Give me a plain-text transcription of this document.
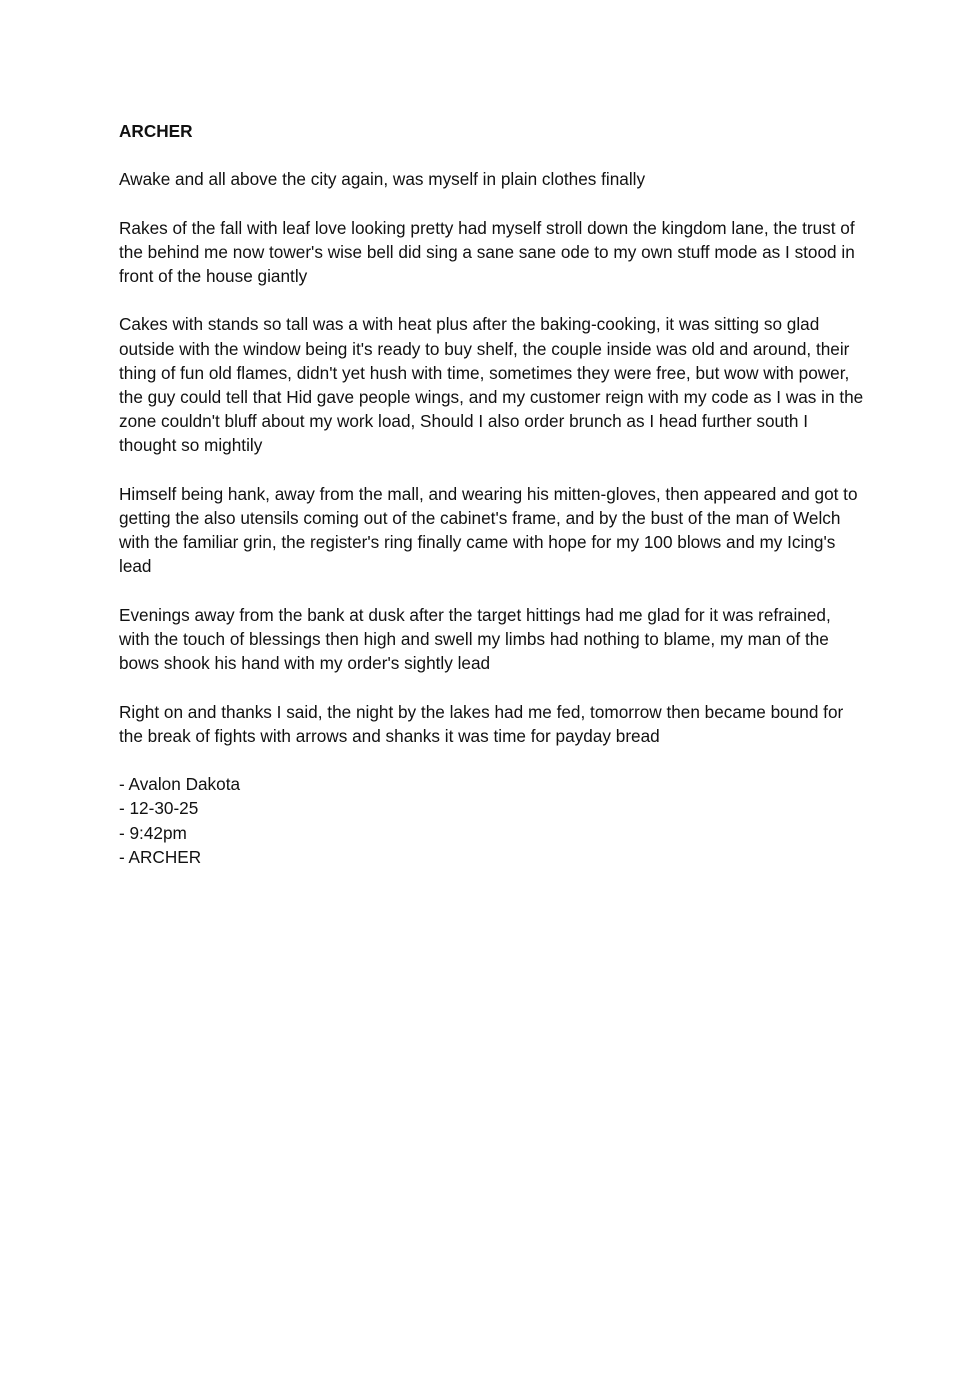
ARCHER

Awake and all above the city again, was myself in plain clothes finally

Rakes of the fall with leaf love looking pretty had myself stroll down the kingdom lane, the trust of the behind me now tower's wise bell did sing a sane sane ode to my own stuff mode as I stood in front of the house giantly

Cakes with stands so tall was a with heat plus after the baking-cooking, it was sitting so glad outside with the window being it's ready to buy shelf, the couple inside was old and around, their thing of fun old flames, didn't yet hush with time, sometimes they were free, but wow with power, the guy could tell that Hid gave people wings, and my customer reign with my code as I was in the zone couldn't bluff about my work load, Should I also order brunch as I head further south I thought so mightily

Himself being hank, away from the mall, and wearing his mitten-gloves, then appeared and got to getting the also utensils coming out of the cabinet's frame, and by the bust of the man of Welch with the familiar grin, the register's ring finally came with hope for my 100 blows and my Icing's lead

Evenings away from the bank at dusk after the target hittings had me glad for it was refrained, with the touch of blessings then high and swell my limbs had nothing to blame, my man of the bows shook his hand with my order's sightly lead

Right on and thanks I said, the night by the lakes had me fed, tomorrow then became bound for the break of fights with arrows and shanks it was time for payday bread

- Avalon Dakota

- 12-30-25

- 9:42pm

- ARCHER
